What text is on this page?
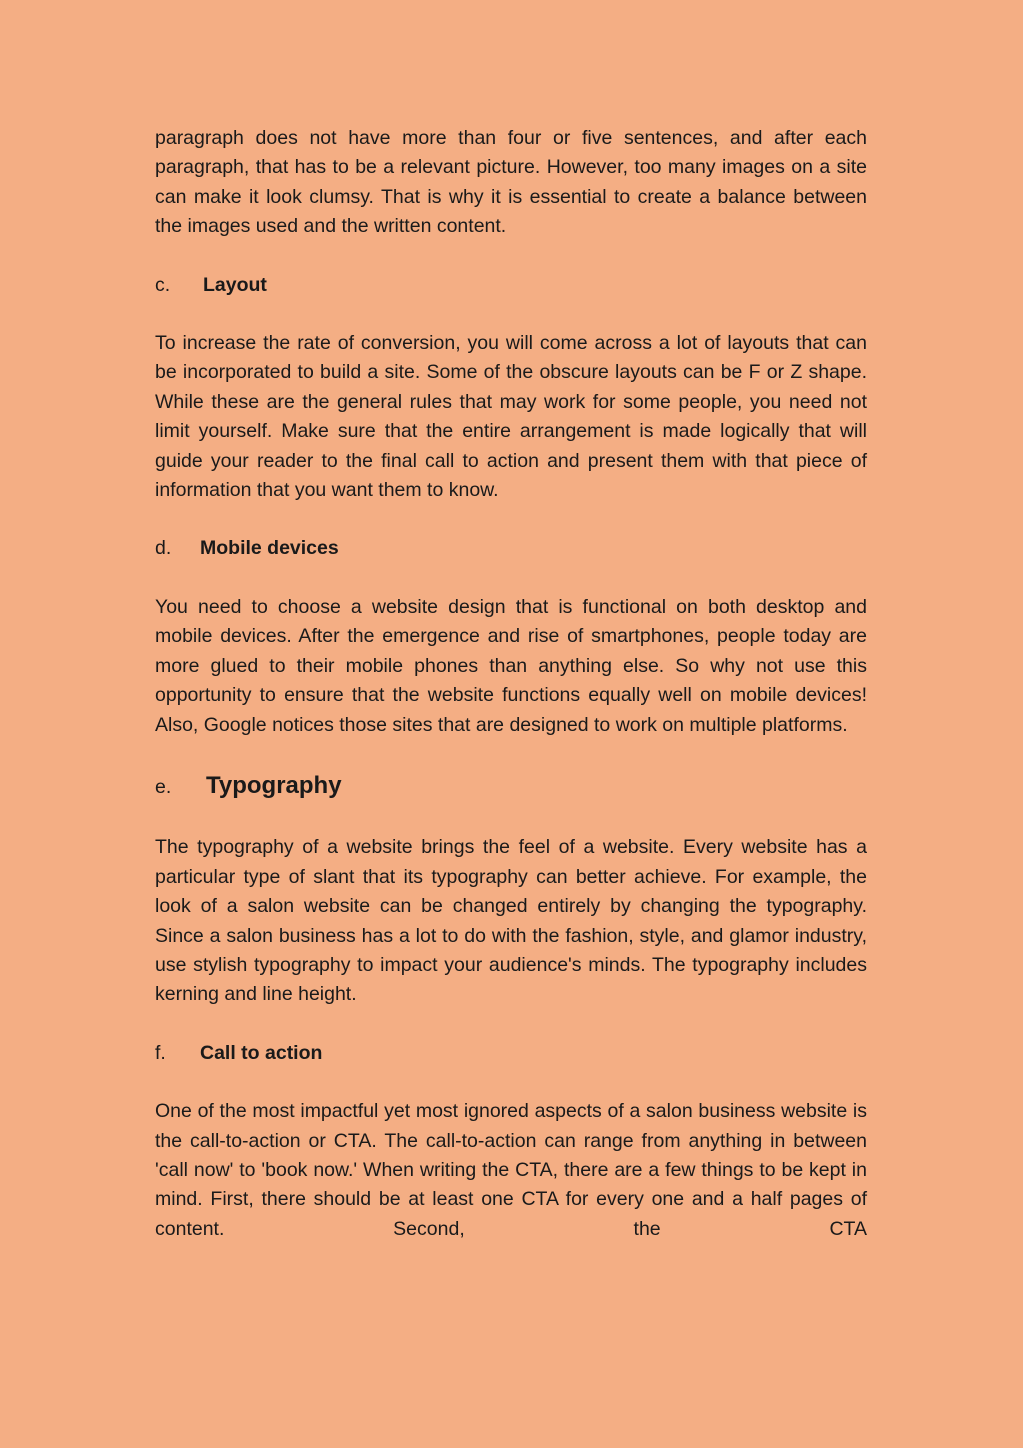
paragraph does not have more than four or five sentences, and after each paragraph, that has to be a relevant picture. However, too many images on a site can make it look clumsy. That is why it is essential to create a balance between the images used and the written content.

c.	Layout

To increase the rate of conversion, you will come across a lot of layouts that can be incorporated to build a site. Some of the obscure layouts can be F or Z shape. While these are the general rules that may work for some people, you need not limit yourself. Make sure that the entire arrangement is made logically that will guide your reader to the final call to action and present them with that piece of information that you want them to know.

d.	Mobile devices

You need to choose a website design that is functional on both desktop and mobile devices. After the emergence and rise of smartphones, people today are more glued to their mobile phones than anything else. So why not use this opportunity to ensure that the website functions equally well on mobile devices! Also, Google notices those sites that are designed to work on multiple platforms.

e.	Typography

The typography of a website brings the feel of a website. Every website has a particular type of slant that its typography can better achieve. For example, the look of a salon website can be changed entirely by changing the typography. Since a salon business has a lot to do with the fashion, style, and glamor industry, use stylish typography to impact your audience's minds. The typography includes kerning and line height.

f.	Call to action

One of the most impactful yet most ignored aspects of a salon business website is the call-to-action or CTA. The call-to-action can range from anything in between 'call now' to 'book now.' When writing the CTA, there are a few things to be kept in mind. First, there should be at least one CTA for every one and a half pages of content. Second, the CTA
